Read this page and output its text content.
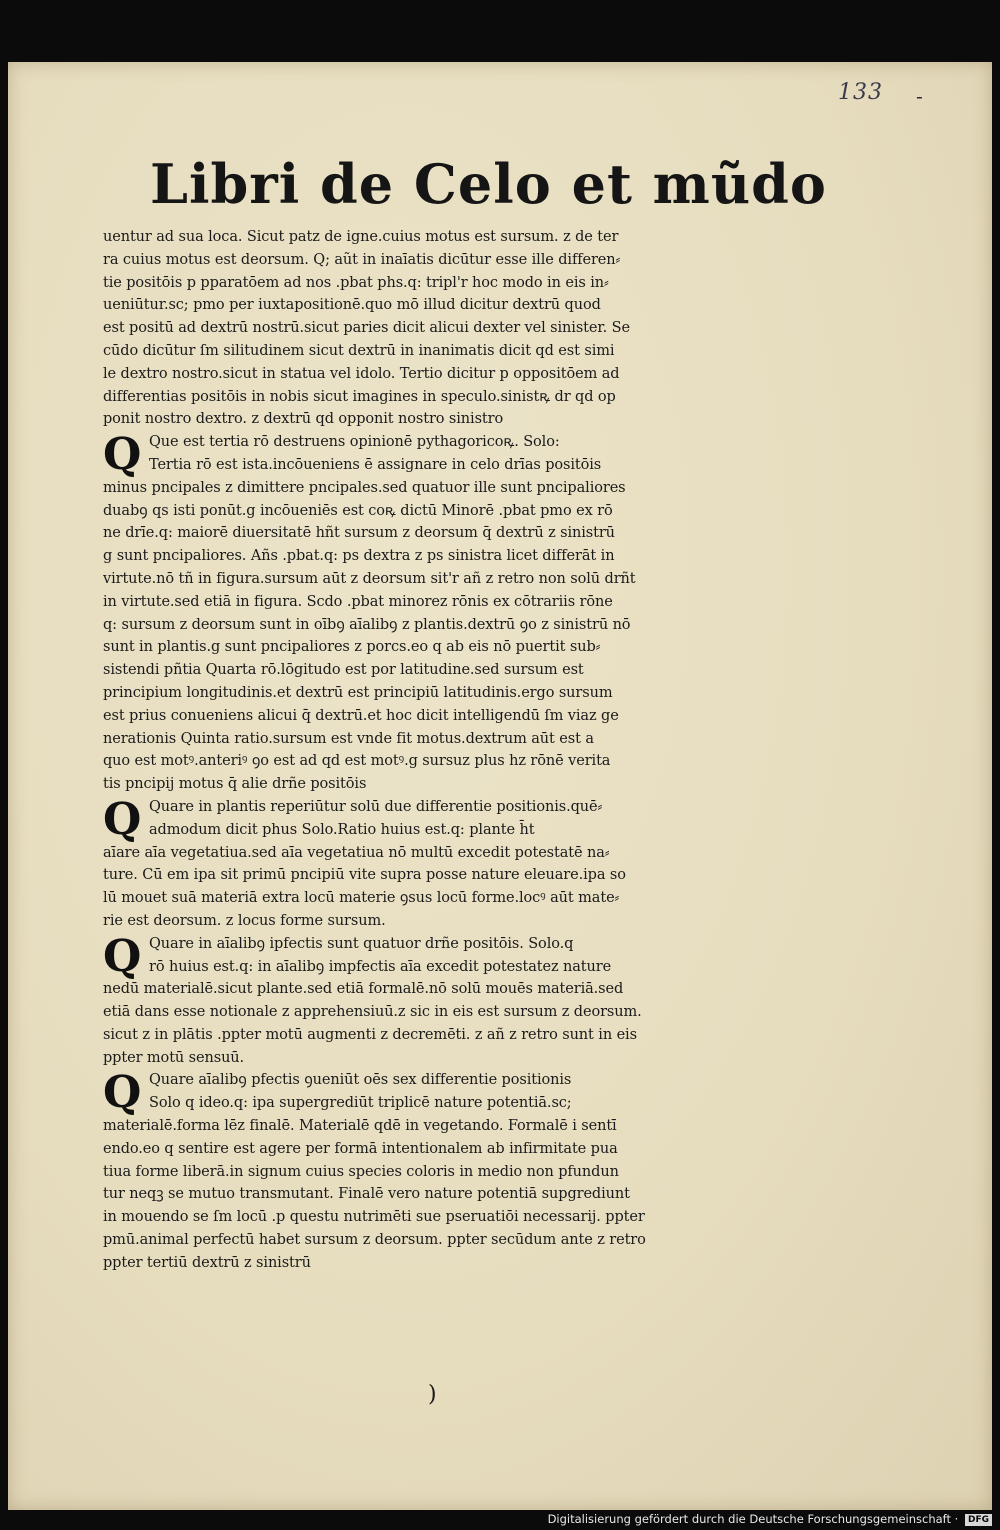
133 -
Libri de Celo et mũdo
uentur ad sua loca. Sicut patz de igne.cuius motus est sursum. z de ter
ra cuius motus est deorsum. Q; aũt in inaīatis dicūtur esse ille differen⸗
tie positōis p pparatōem ad nos .pbat phs.q: tripl'r hoc modo in eis in⸗
ueniūtur.sc; pmo per iuxtapositionē.quo mō illud dicitur dextrū quod
est positū ad dextrū nostrū.sicut paries dicit alicui dexter vel sinister. Se
cūdo dicūtur ſm silitudinem sicut dextrū in inanimatis dicit qd est simi
le dextro nostro.sicut in statua vel idolo. Tertio dicitur p oppositōem ad
differentias positōis in nobis sicut imagines in speculo.sinistꝶ dr qd op
ponit nostro dextro. z dextrū qd opponit nostro sinistro
Q Que est tertia rō destruens opinionē pythagoricoꝶ. Solo:
Tertia rō est ista.incōueniens ē assignare in celo drīas positōis
minus pncipales z dimittere pncipales.sed quatuor ille sunt pncipaliores
duabꝯ qs isti ponūt.g incōueniēs est coꝶ dictū Minorē .pbat pmo ex rō
ne drīe.q: maiorē diuersitatē hñt sursum z deorsum q̄ dextrū z sinistrū
g sunt pncipaliores. Añs .pbat.q: ps dextra z ps sinistra licet differāt in
virtute.nō tñ in figura.sursum aūt z deorsum sit'r añ z retro non solū drñt
in virtute.sed etiā in figura. Scdo .pbat minorez rōnis ex cōtrariis rōne
q: sursum z deorsum sunt in oībꝯ aīalibꝯ z plantis.dextrū ꝯo z sinistrū nō
sunt in plantis.g sunt pncipaliores z porcs.eo q ab eis nō puertit sub⸗
sistendi pñtia Quarta rō.lōgitudo est por latitudine.sed sursum est
principium longitudinis.et dextrū est principiū latitudinis.ergo sursum
est prius conueniens alicui q̄ dextrū.et hoc dicit intelligendū ſm viaz ge
nerationis Quinta ratio.sursum est vnde fit motus.dextrum aūt est a
quo est motꝰ.anteriꝰ ꝯo est ad qd est motꝰ.g sursuz plus hz rōnē verita
tis pncipij motus q̄ alie drñe positōis
Q Quare in plantis reperiūtur solū due differentie positionis.quē⸗
admodum dicit phus Solo.Ratio huius est.q: plante h̄t
aīare aīa vegetatiua.sed aīa vegetatiua nō multū excedit potestatē na⸗
ture. Cū em ipa sit primū pncipiū vite supra posse nature eleuare.ipa so
lū mouet suā materiā extra locū materie ꝯsus locū forme.locꝰ aūt mate⸗
rie est deorsum. z locus forme sursum.
Q Quare in aīalibꝯ ipfectis sunt quatuor drñe positōis. Solo.q
rō huius est.q: in aīalibꝯ impfectis aīa excedit potestatez nature
nedū materialē.sicut plante.sed etiā formalē.nō solū mouēs materiā.sed
etiā dans esse notionale z apprehensiuū.z sic in eis est sursum z deorsum.
sicut z in plātis .ppter motū augmenti z decremēti. z añ z retro sunt in eis
ppter motū sensuū.
Q Quare aīalibꝯ pfectis ꝯueniūt oēs sex differentie positionis
Solo q ideo.q: ipa supergrediūt triplicē nature potentiā.sc;
materialē.forma lēz finalē. Materialē qdē in vegetando. Formalē i sentī
endo.eo q sentire est agere per formā intentionalem ab infirmitate pua
tiua forme liberā.in signum cuius species coloris in medio non pfundun
tur neqꝫ se mutuo transmutant. Finalē vero nature potentiā supgrediunt
in mouendo se ſm locū .p questu nutrimēti sue pseruatiōi necessarij. ppter
pmū.animal perfectū habet sursum z deorsum. ppter secūdum ante z retro
ppter tertiū dextrū z sinistrū
)
Digitalisierung gefördert durch die Deutsche Forschungsgemeinschaft ·	DFG
